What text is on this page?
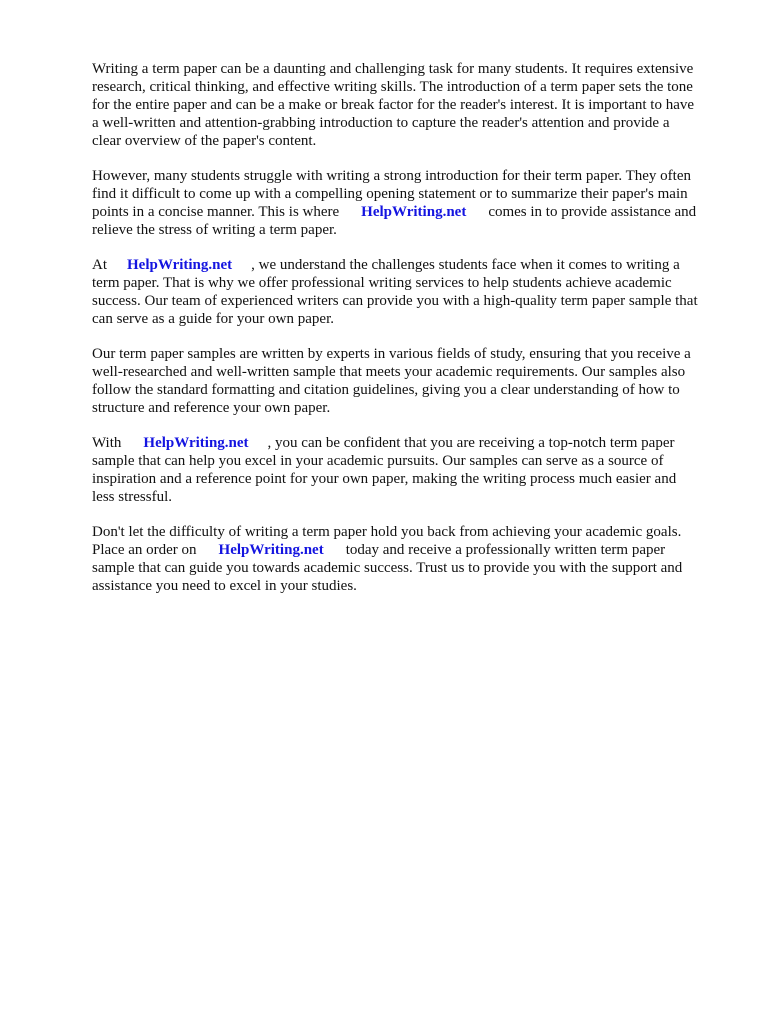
Writing a term paper can be a daunting and challenging task for many students. It requires extensive
research, critical thinking, and effective writing skills. The introduction of a term paper sets the tone
for the entire paper and can be a make or break factor for the reader's interest. It is important to have
a well-written and attention-grabbing introduction to capture the reader's attention and provide a
clear overview of the paper's content.

However, many students struggle with writing a strong introduction for their term paper. They often
find it difficult to come up with a compelling opening statement or to summarize their paper's main
points in a concise manner. This is where HelpWriting.net comes in to provide assistance and
relieve the stress of writing a term paper.

At HelpWriting.net , we understand the challenges students face when it comes to writing a
term paper. That is why we offer professional writing services to help students achieve academic
success. Our team of experienced writers can provide you with a high-quality term paper sample that
can serve as a guide for your own paper.

Our term paper samples are written by experts in various fields of study, ensuring that you receive a
well-researched and well-written sample that meets your academic requirements. Our samples also
follow the standard formatting and citation guidelines, giving you a clear understanding of how to
structure and reference your own paper.

With HelpWriting.net , you can be confident that you are receiving a top-notch term paper
sample that can help you excel in your academic pursuits. Our samples can serve as a source of
inspiration and a reference point for your own paper, making the writing process much easier and
less stressful.

Don't let the difficulty of writing a term paper hold you back from achieving your academic goals.
Place an order on HelpWriting.net today and receive a professionally written term paper
sample that can guide you towards academic success. Trust us to provide you with the support and
assistance you need to excel in your studies.
